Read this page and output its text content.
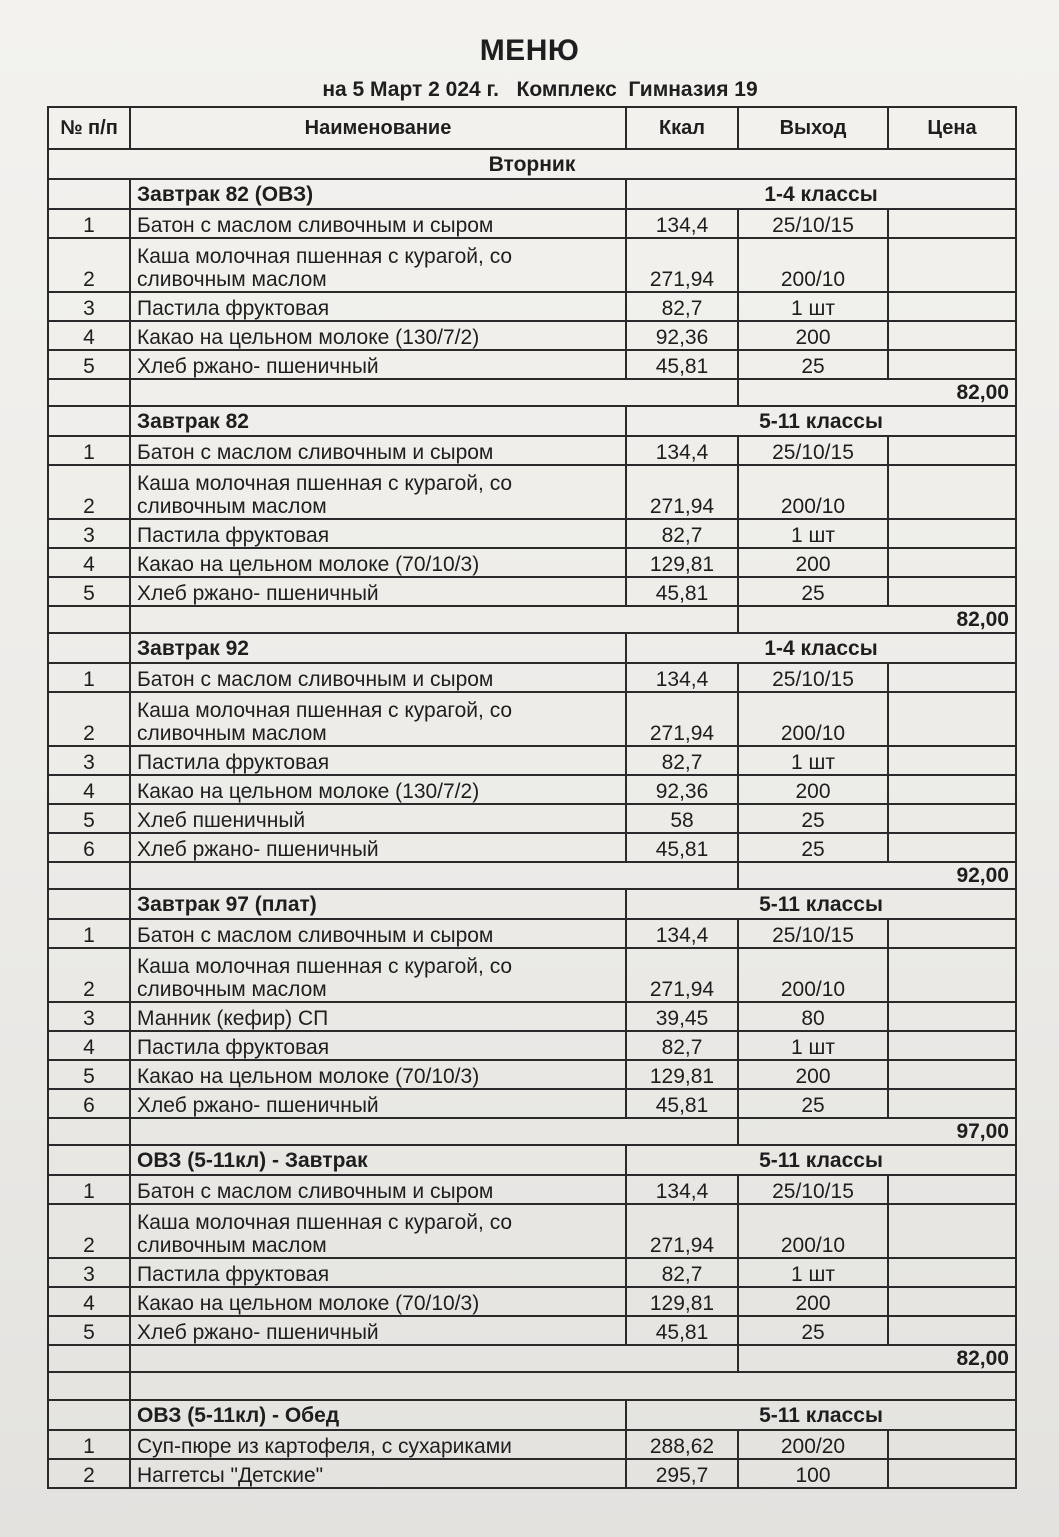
МЕНЮ
на 5 Март 2 024 г.   Комплекс  Гимназия 19
№ п/п	Наименование	Ккал	Выход	Цена
Вторник				
	Завтрак 82 (ОВЗ)	1-4 классы		
1	Батон с маслом сливочным и сыром	134,4	25/10/15	
2	Каша молочная пшенная с курагой, со сливочным маслом	271,94	200/10	
3	Пастила фруктовая	82,7	1 шт	
4	Какао на цельном молоке (130/7/2)	92,36	200	
5	Хлеб ржано- пшеничный	45,81	25	
			82,00	
	Завтрак 82	5-11 классы		
1	Батон с маслом сливочным и сыром	134,4	25/10/15	
2	Каша молочная пшенная с курагой, со сливочным маслом	271,94	200/10	
3	Пастила фруктовая	82,7	1 шт	
4	Какао на цельном молоке (70/10/3)	129,81	200	
5	Хлеб ржано- пшеничный	45,81	25	
			82,00	
	Завтрак 92	1-4 классы		
1	Батон с маслом сливочным и сыром	134,4	25/10/15	
2	Каша молочная пшенная с курагой, со сливочным маслом	271,94	200/10	
3	Пастила фруктовая	82,7	1 шт	
4	Какао на цельном молоке (130/7/2)	92,36	200	
5	Хлеб пшеничный	58	25	
6	Хлеб ржано- пшеничный	45,81	25	
			92,00	
	Завтрак 97 (плат)	5-11 классы		
1	Батон с маслом сливочным и сыром	134,4	25/10/15	
2	Каша молочная пшенная с курагой, со сливочным маслом	271,94	200/10	
3	Манник (кефир) СП	39,45	80	
4	Пастила фруктовая	82,7	1 шт	
5	Какао на цельном молоке (70/10/3)	129,81	200	
6	Хлеб ржано- пшеничный	45,81	25	
			97,00	
	ОВЗ (5-11кл) - Завтрак	5-11 классы		
1	Батон с маслом сливочным и сыром	134,4	25/10/15	
2	Каша молочная пшенная с курагой, со сливочным маслом	271,94	200/10	
3	Пастила фруктовая	82,7	1 шт	
4	Какао на цельном молоке (70/10/3)	129,81	200	
5	Хлеб ржано- пшеничный	45,81	25	
			82,00	

	ОВЗ (5-11кл) - Обед	5-11 классы		
1	Суп-пюре из картофеля, с сухариками	288,62	200/20	
2	Наггетсы "Детские"	295,7	100	
